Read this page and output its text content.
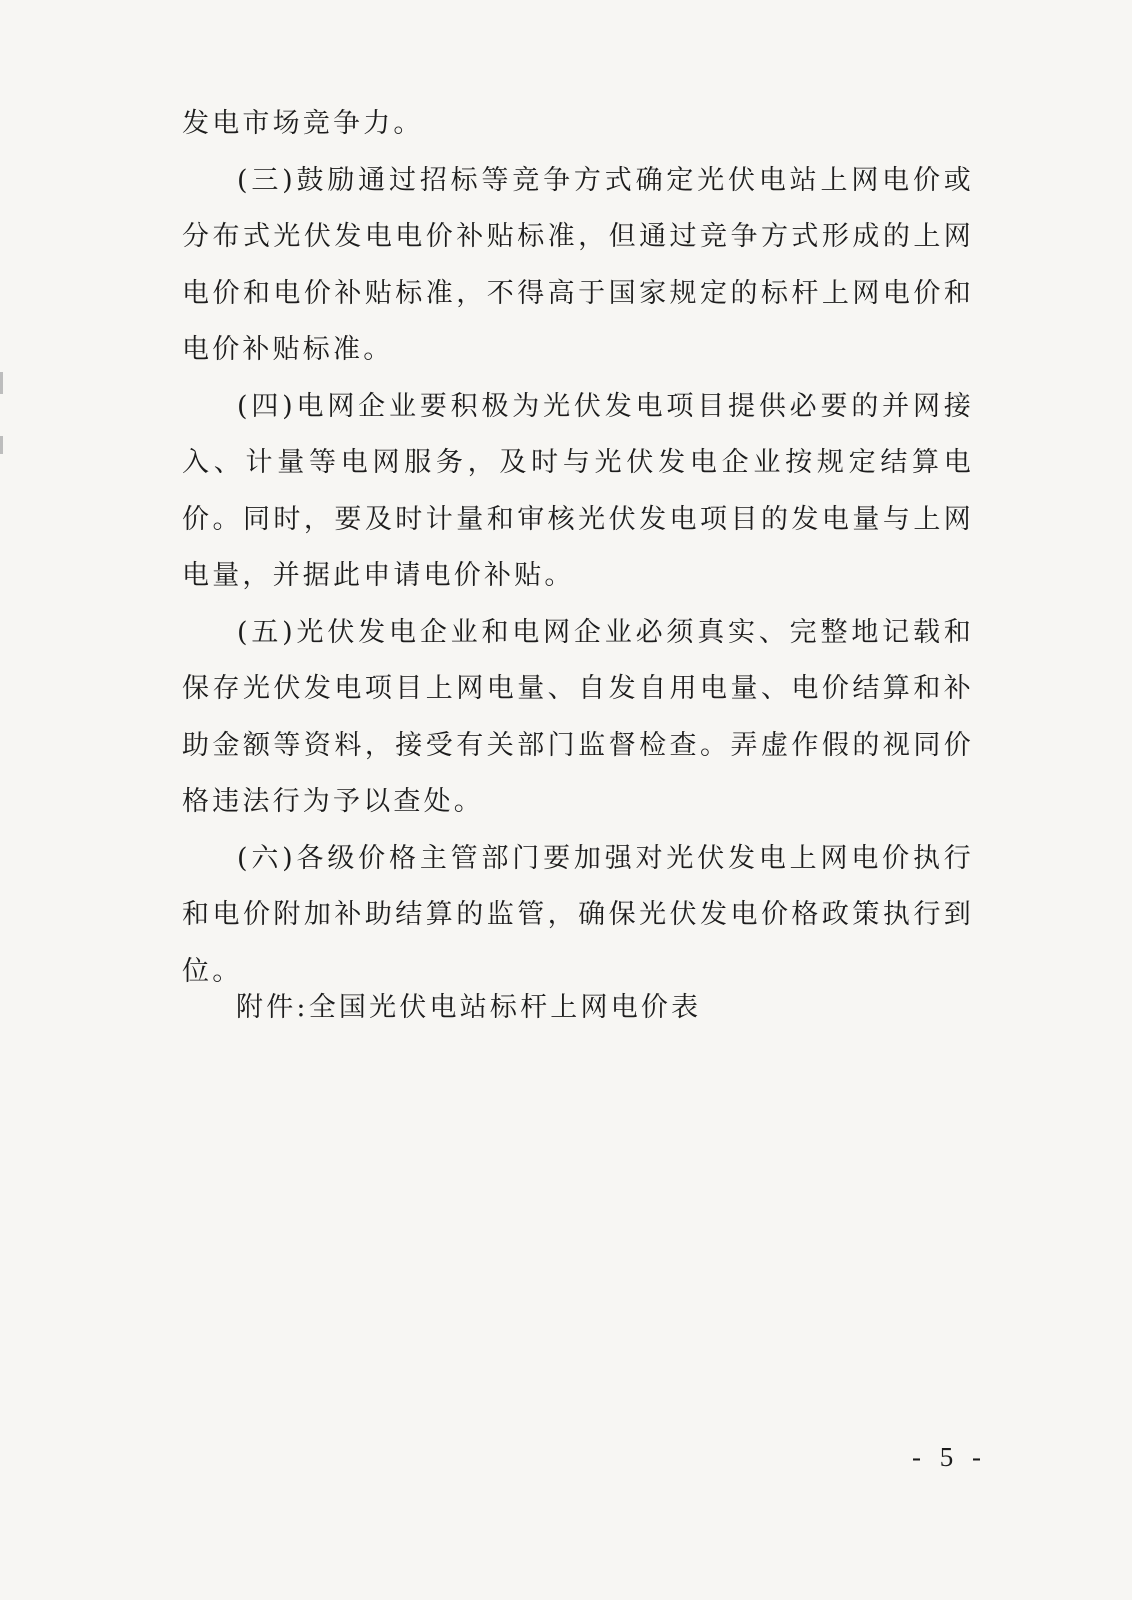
发电市场竞争力。

(三)鼓励通过招标等竞争方式确定光伏电站上网电价或分布式光伏发电电价补贴标准，但通过竞争方式形成的上网电价和电价补贴标准，不得高于国家规定的标杆上网电价和电价补贴标准。

(四)电网企业要积极为光伏发电项目提供必要的并网接入、计量等电网服务，及时与光伏发电企业按规定结算电价。同时，要及时计量和审核光伏发电项目的发电量与上网电量，并据此申请电价补贴。

(五)光伏发电企业和电网企业必须真实、完整地记载和保存光伏发电项目上网电量、自发自用电量、电价结算和补助金额等资料，接受有关部门监督检查。弄虚作假的视同价格违法行为予以查处。

(六)各级价格主管部门要加强对光伏发电上网电价执行和电价附加补助结算的监管，确保光伏发电价格政策执行到位。

附件:全国光伏电站标杆上网电价表
- 5 -
